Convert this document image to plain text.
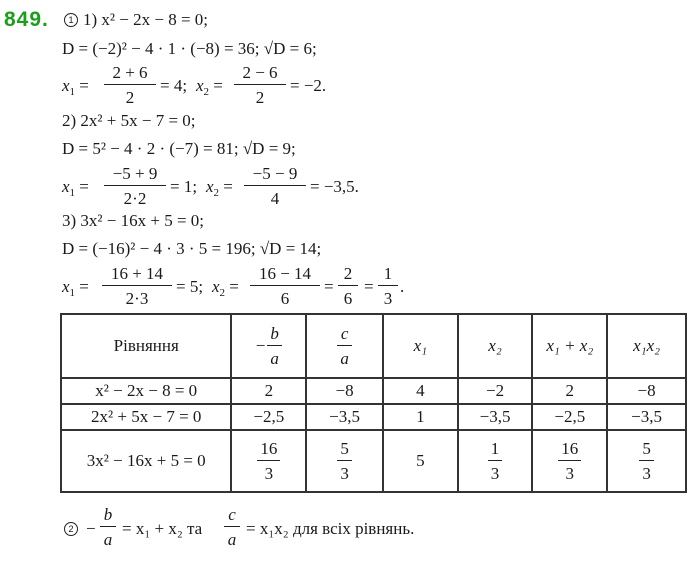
849.	1 1) x² − 2x − 8 = 0;
D = (−2)² − 4 · 1 · (−8) = 36; √D = 6;
$x_1$ =
2 + 6
2
= 4; $x_2$ =
2 − 6
2
= −2.
2) 2x² + 5x − 7 = 0;
D = 5² − 4 · 2 · (−7) = 81; √D = 9;
$x_1$ =
−5 + 9
2·2
= 1; $x_2$ =
−5 − 9
4
= −3,5.
3) 3x² − 16x + 5 = 0;
D = (−16)² − 4 · 3 · 5 = 196; √D = 14;
$x_1$ =
16 + 14
2·3
= 5; $x_2$ =
16 − 14
6
=
2
6
=
1
3
.
Рівняння	− $\frac{b}{a}$	$\frac{c}{a}$	x₁	x₂	x₁ + x₂	x₁x₂
x² − 2x − 8 = 0	2	−8	4	−2	2	−8
2x² + 5x − 7 = 0	−2,5	−3,5	1	−3,5	−2,5	−3,5
3x² − 16x + 5 = 0	$\frac{16}{3}$	$\frac{5}{3}$	5	$\frac{1}{3}$	$\frac{16}{3}$	$\frac{5}{3}$
2 −
b
a
= x₁ + x₂ та
c
a
= x₁x₂ для всіх рівнянь.
